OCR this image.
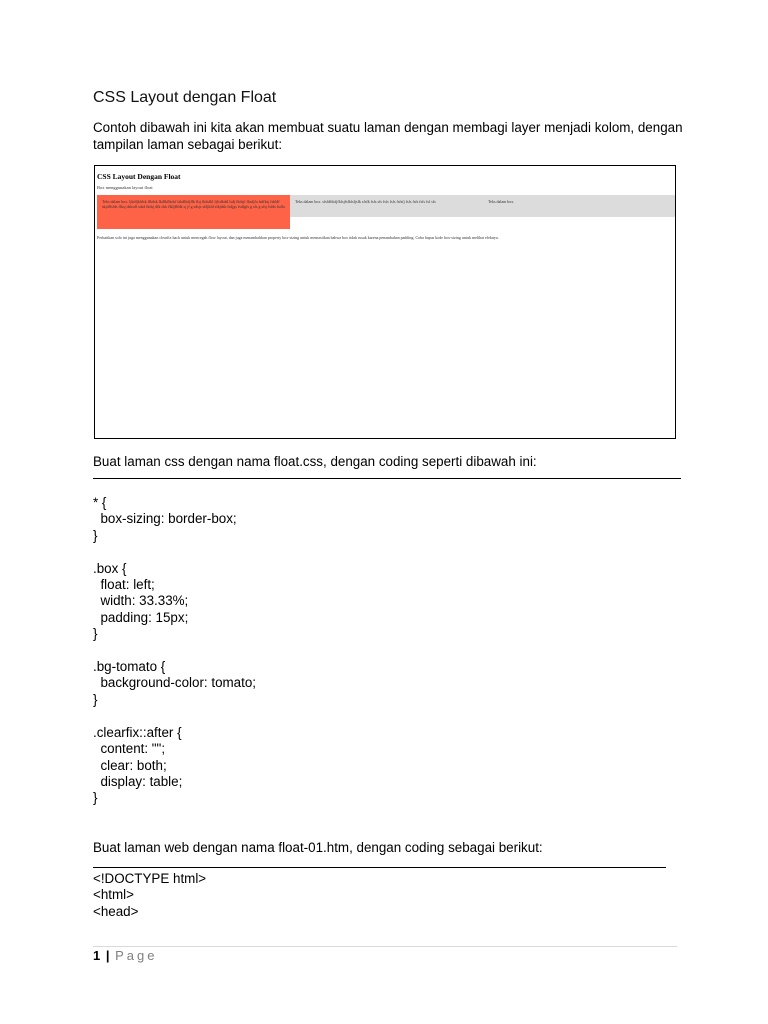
CSS Layout dengan Float
Contoh dibawah ini kita akan membuat suatu laman dengan membagi layer menjadi kolom, dengan tampilan laman sebagai berikut:
CSS Layout Dengan Float
Box menggunakan layout float
Teks dalam box. ljkdfjkldsk flkdsk fkdlkflkdsf lakdlkdjflk flsj fkdsfkl fjfsdkdsl lsdj fkdsjf fksdjfa lsdfksj fskldf skjdlfsfds flksj dsksdf sdsd fkdsj dfk dsk flkljflfdk sj jf g sdsjs sfdjkfd sfkjdsk fsdjgs fsdfgfs g sfs g sfsj fsfds fsdfa
Teks dalam box. sfsfdfdsfjfkfsjfslkfsfjsfk sfsfk fsfs sfs fsfs fsfs fsfsfj fsfs fsfs fsfs fsf sfs	Teks dalam box.
Perhatikan solo ini juga menggunakan clearfix hack untuk mencegah flow layout, dan juga menambahkan property box-sizing untuk memastikan bahwa box tidak rusak karena penambahan padding. Coba hapus kode box-sizing untuk melihat efeknya.
Buat laman css dengan nama float.css, dengan coding seperti dibawah ini:
* {
box-sizing: border-box;
}

.box {
float: left;
width: 33.33%;
padding: 15px;
}

.bg-tomato {
background-color: tomato;
}

.clearfix::after {
content: "";
clear: both;
display: table;
}
Buat laman web dengan nama float-01.htm, dengan coding sebagai berikut:
<!DOCTYPE html>
<html>
<head>
1 | Page
